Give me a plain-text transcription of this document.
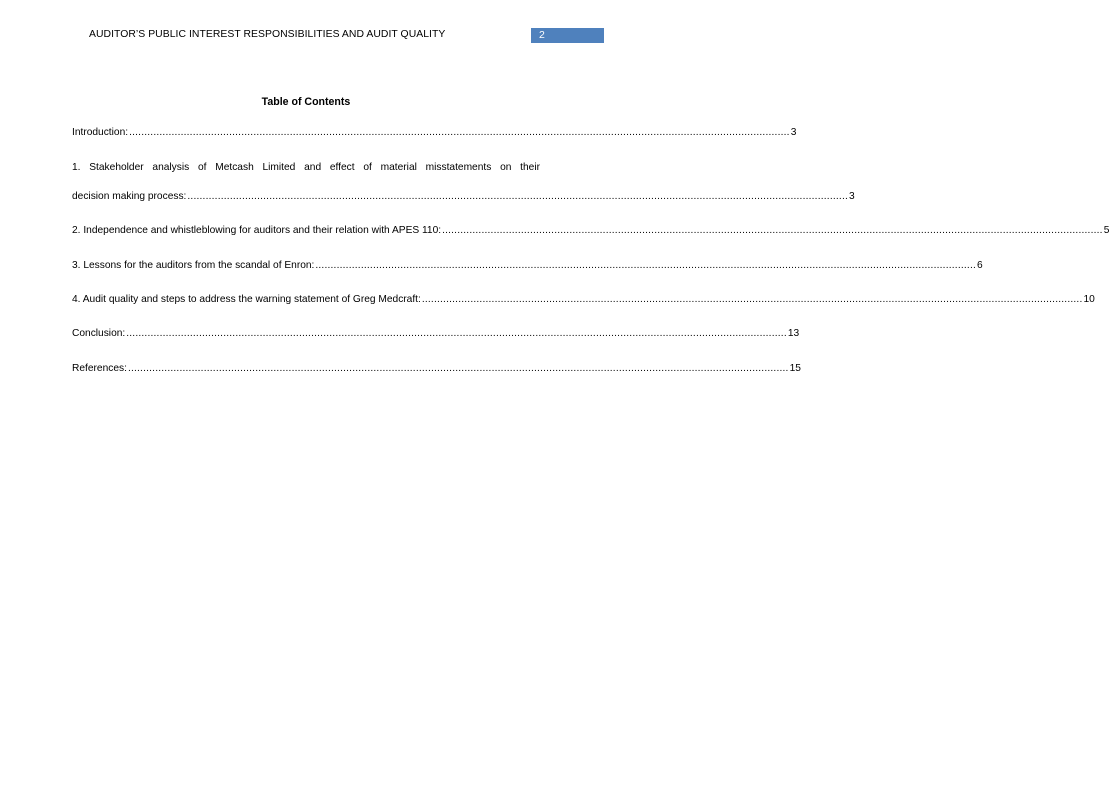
AUDITOR’S PUBLIC INTEREST RESPONSIBILITIES AND AUDIT QUALITY	2
Table of Contents
Introduction: .......................................................................................................................................................................................................................... 3
1. Stakeholder analysis of Metcash Limited and effect of material misstatements on their
decision making process: .......................................................................................................................................................................................................................... 3
2. Independence and whistleblowing for auditors and their relation with APES 110: .......................................................................................................................................................................................................................... 5
3. Lessons for the auditors from the scandal of Enron: .......................................................................................................................................................................................................................... 6
4. Audit quality and steps to address the warning statement of Greg Medcraft: .......................................................................................................................................................................................................................... 10
Conclusion: .......................................................................................................................................................................................................................... 13
References: .......................................................................................................................................................................................................................... 15
